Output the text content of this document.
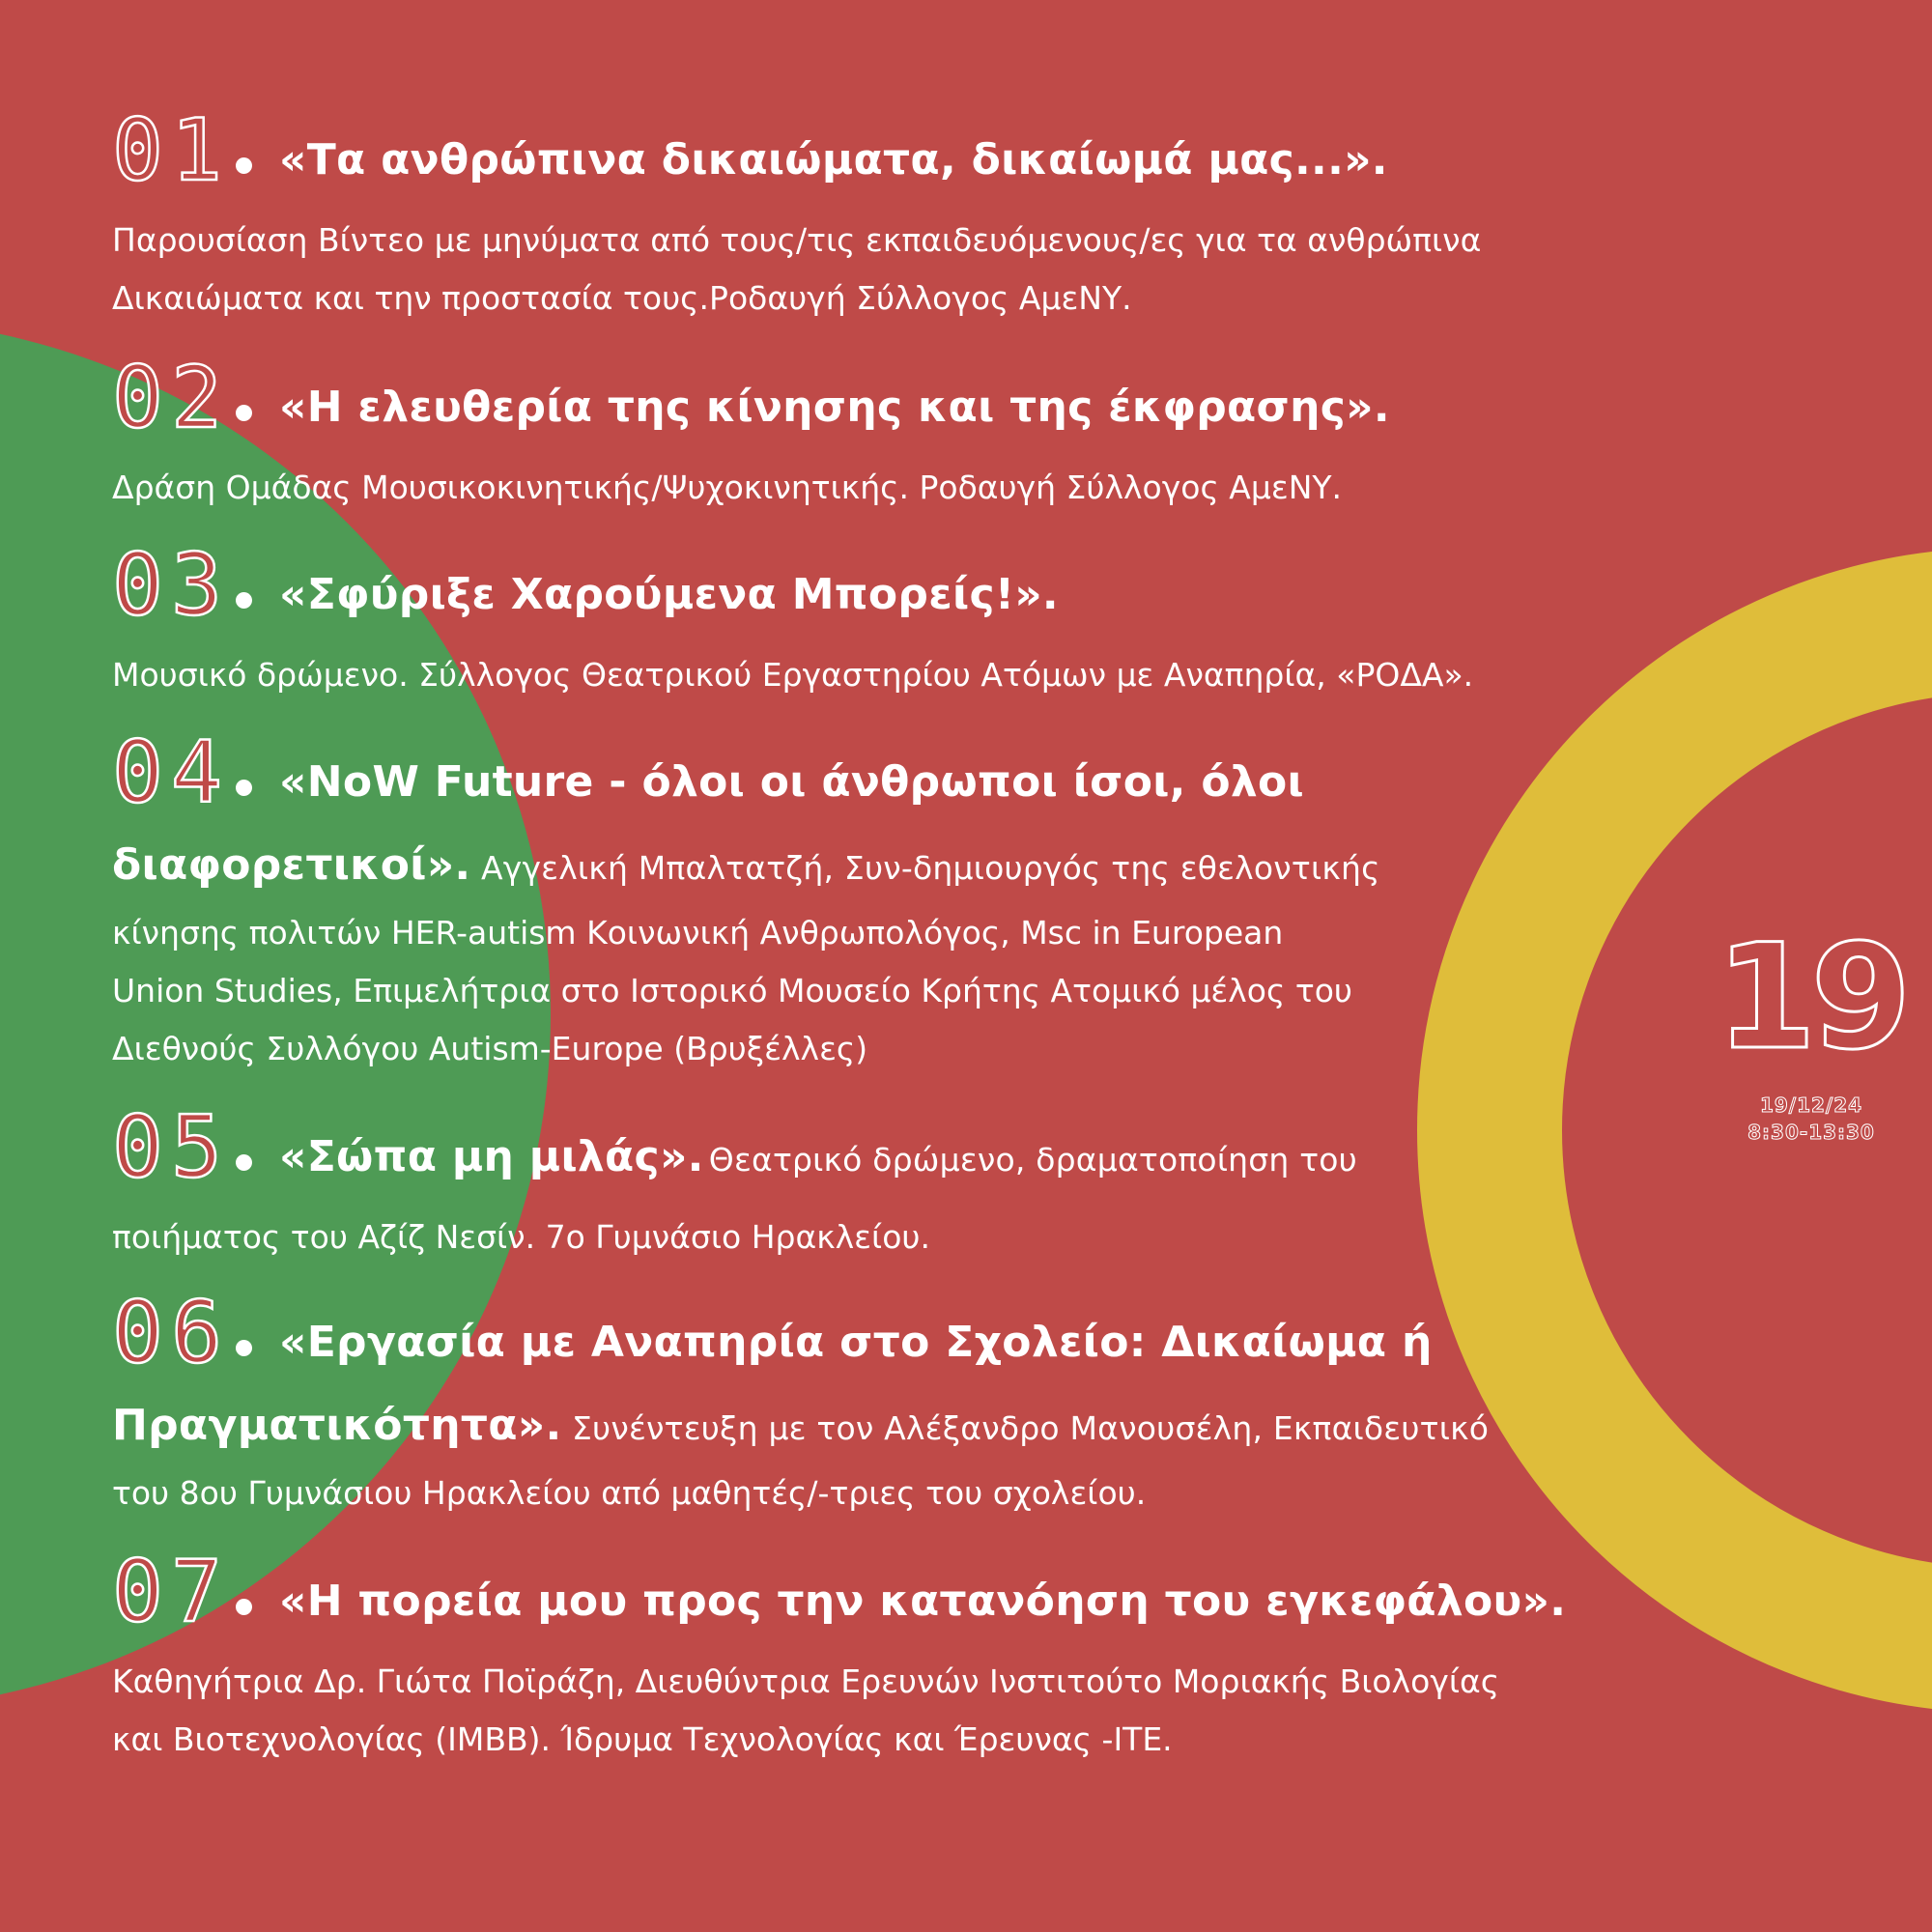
01 «Τα ανθρώπινα δικαιώματα, δικαίωμά μας...».

Παρουσίαση Βίντεο με μηνύματα από τους/τις εκπαιδευόμενους/ες για τα ανθρώπινα

Δικαιώματα και την προστασία τους.Ροδαυγή Σύλλογος ΑμεΝΥ.

02 «Η ελευθερία της κίνησης και της έκφρασης».

Δράση Ομάδας Μουσικοκινητικής/Ψυχοκινητικής. Ροδαυγή Σύλλογος ΑμεΝΥ.

03 «Σφύριξε Χαρούμενα Μπορείς!».

Μουσικό δρώμενο. Σύλλογος Θεατρικού Εργαστηρίου Ατόμων με Αναπηρία, «ΡΟΔΑ».

04 «NoW Future - όλοι οι άνθρωποι ίσοι, όλοι

διαφορετικοί». Αγγελική Μπαλτατζή, Συν-δημιουργός της εθελοντικής

κίνησης πολιτών HER-autism Κοινωνική Ανθρωπολόγος, Msc in European

Union Studies, Επιμελήτρια στο Ιστορικό Μουσείο Κρήτης Ατομικό μέλος του

Διεθνούς Συλλόγου Autism-Europe (Βρυξέλλες)

05 «Σώπα μη μιλάς». Θεατρικό δρώμενο, δραματοποίηση του

ποιήματος του Αζίζ Νεσίν. 7ο Γυμνάσιο Ηρακλείου.

06 «Εργασία με Αναπηρία στο Σχολείο: Δικαίωμα ή

Πραγματικότητα». Συνέντευξη με τον Αλέξανδρο Μανουσέλη, Εκπαιδευτικό

του 8ου Γυμνάσιου Ηρακλείου από μαθητές/-τριες του σχολείου.

07 «Η πορεία μου προς την κατανόηση του εγκεφάλου».

Καθηγήτρια Δρ. Γιώτα Ποϊράζη, Διευθύντρια Ερευνών Ινστιτούτο Μοριακής Βιολογίας

και Βιοτεχνολογίας (IMBB). Ίδρυμα Τεχνολογίας και Έρευνας -ΙΤΕ.

19
19/12/24
8:30-13:30
